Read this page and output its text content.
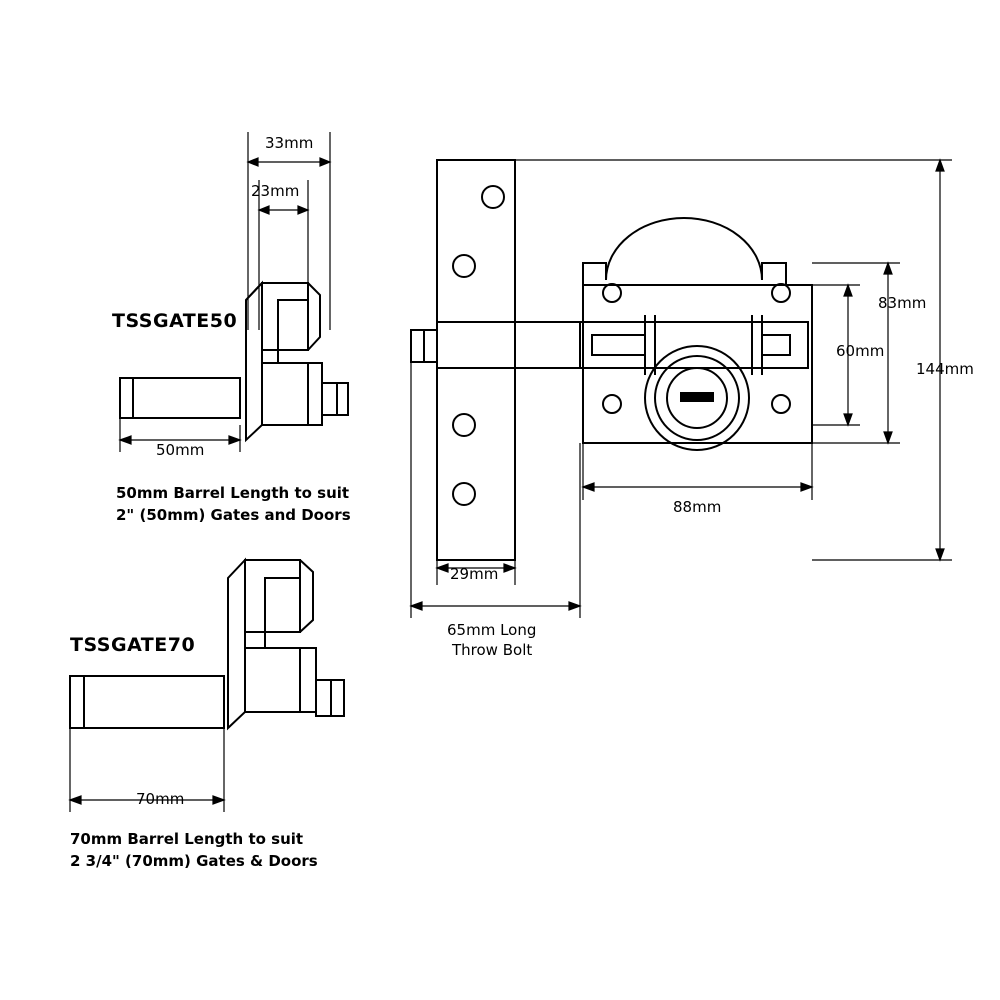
33mm
23mm
TSSGATE50
50mm
50mm Barrel Length to suit
2" (50mm) Gates and Doors
TSSGATE70
70mm
70mm Barrel Length to suit
2 3/4" (70mm) Gates & Doors
144mm
83mm
60mm
88mm
29mm
65mm Long
Throw Bolt
